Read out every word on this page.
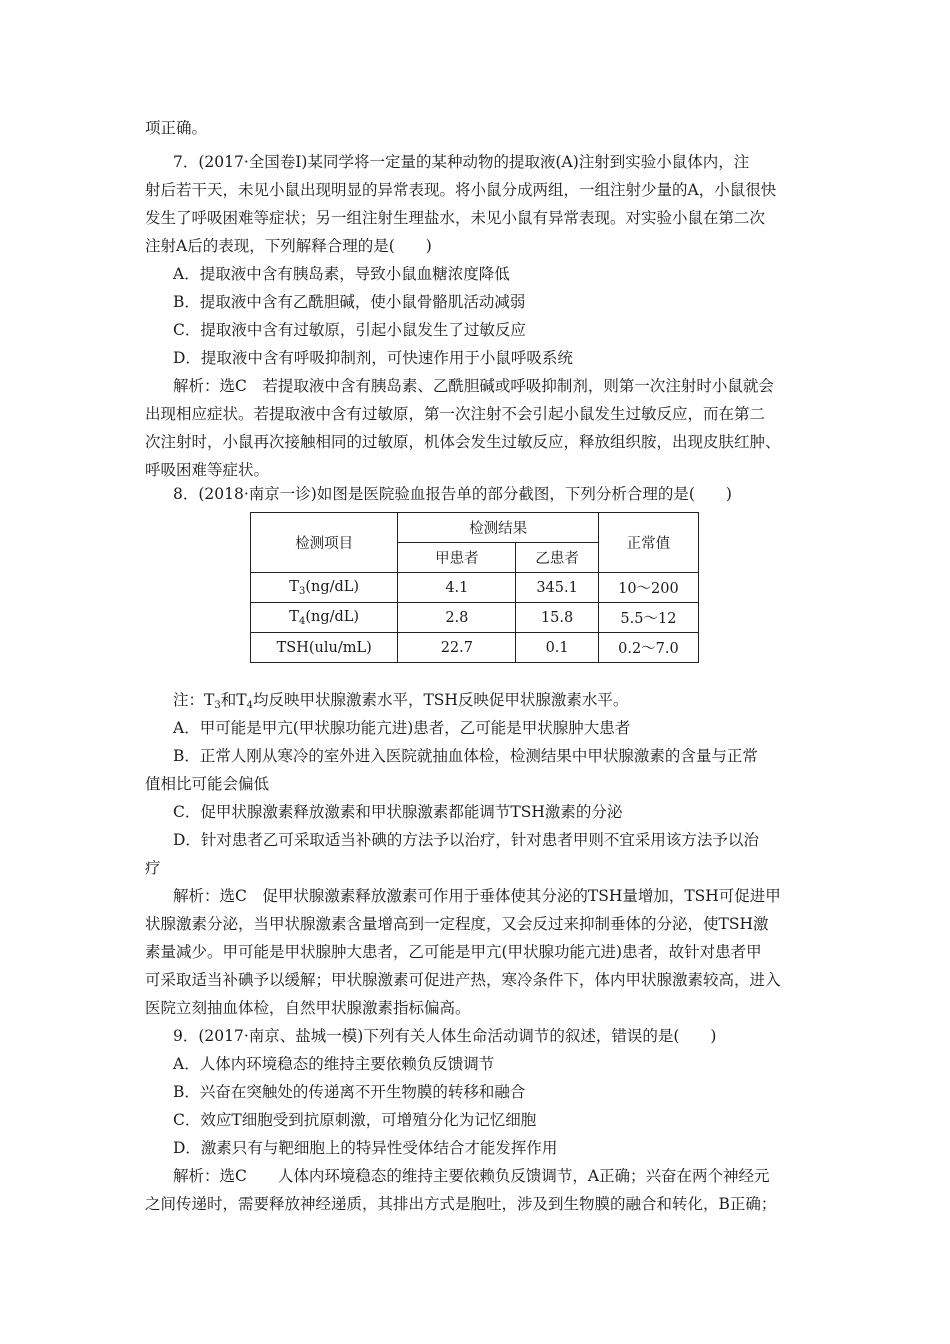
项正确。
7．(2017·全国卷Ⅰ)某同学将一定量的某种动物的提取液(A)注射到实验小鼠体内，注
射后若干天，未见小鼠出现明显的异常表现。将小鼠分成两组，一组注射少量的A，小鼠很快
发生了呼吸困难等症状；另一组注射生理盐水，未见小鼠有异常表现。对实验小鼠在第二次
注射A后的表现，下列解释合理的是(　　)
A．提取液中含有胰岛素，导致小鼠血糖浓度降低
B．提取液中含有乙酰胆碱，使小鼠骨骼肌活动减弱
C．提取液中含有过敏原，引起小鼠发生了过敏反应
D．提取液中含有呼吸抑制剂，可快速作用于小鼠呼吸系统
解析：选C　若提取液中含有胰岛素、乙酰胆碱或呼吸抑制剂，则第一次注射时小鼠就会
出现相应症状。若提取液中含有过敏原，第一次注射不会引起小鼠发生过敏反应，而在第二
次注射时，小鼠再次接触相同的过敏原，机体会发生过敏反应，释放组织胺，出现皮肤红肿、
呼吸困难等症状。
8．(2018·南京一诊)如图是医院验血报告单的部分截图，下列分析合理的是(　　)
检测项目	检测结果		正常值
	甲患者	乙患者	
$T_3(ng/dL)$	4.1	345.1	10～200
$T_4(ng/dL)$	2.8	15.8	5.5～12
TSH(ulu/mL)	22.7	0.1	0.2～7.0
注：$T_3$和$T_4$均反映甲状腺激素水平，TSH反映促甲状腺激素水平。
A．甲可能是甲亢(甲状腺功能亢进)患者，乙可能是甲状腺肿大患者
B．正常人刚从寒冷的室外进入医院就抽血体检，检测结果中甲状腺激素的含量与正常
值相比可能会偏低
C．促甲状腺激素释放激素和甲状腺激素都能调节TSH激素的分泌
D．针对患者乙可采取适当补碘的方法予以治疗，针对患者甲则不宜采用该方法予以治
疗
解析：选C　促甲状腺激素释放激素可作用于垂体使其分泌的TSH量增加，TSH可促进甲
状腺激素分泌，当甲状腺激素含量增高到一定程度，又会反过来抑制垂体的分泌，使TSH激
素量减少。甲可能是甲状腺肿大患者，乙可能是甲亢(甲状腺功能亢进)患者，故针对患者甲
可采取适当补碘予以缓解；甲状腺激素可促进产热，寒冷条件下，体内甲状腺激素较高，进入
医院立刻抽血体检，自然甲状腺激素指标偏高。
9．(2017·南京、盐城一模)下列有关人体生命活动调节的叙述，错误的是(　　)
A．人体内环境稳态的维持主要依赖负反馈调节
B．兴奋在突触处的传递离不开生物膜的转移和融合
C．效应T细胞受到抗原刺激，可增殖分化为记忆细胞
D．激素只有与靶细胞上的特异性受体结合才能发挥作用
解析：选C　　人体内环境稳态的维持主要依赖负反馈调节，A正确；兴奋在两个神经元
之间传递时，需要释放神经递质，其排出方式是胞吐，涉及到生物膜的融合和转化，B正确；
